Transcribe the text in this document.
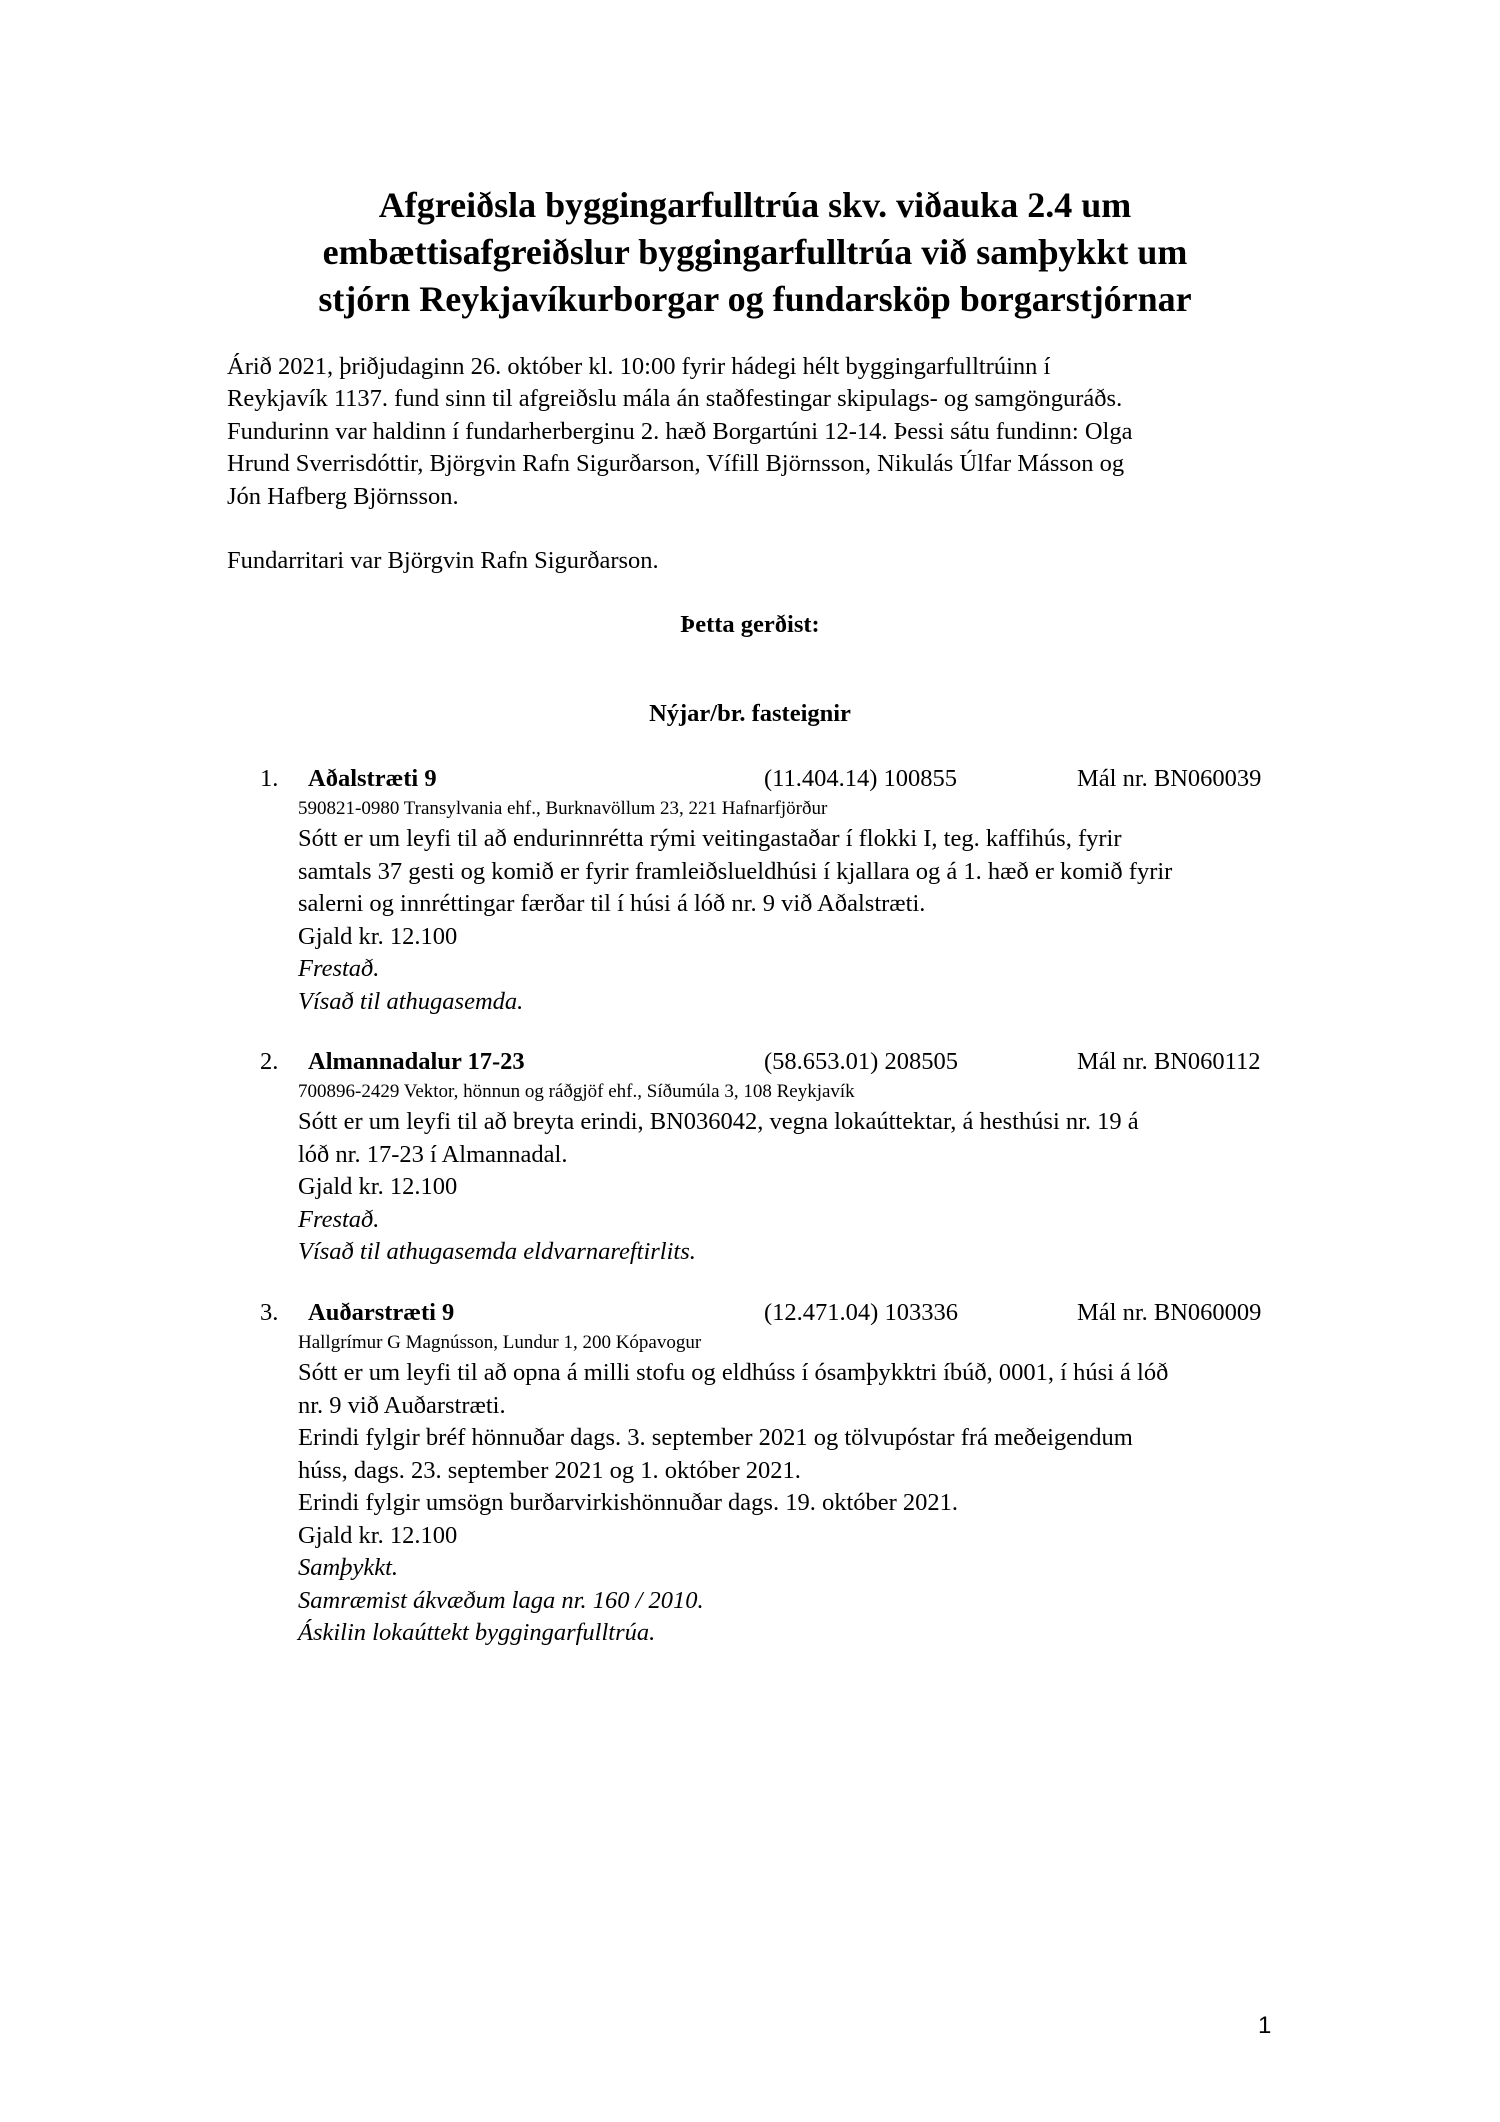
Afgreiðsla byggingarfulltrúa skv. viðauka 2.4 um
embættisafgreiðslur byggingarfulltrúa við samþykkt um
stjórn Reykjavíkurborgar og fundarsköp borgarstjórnar
Árið 2021, þriðjudaginn 26. október kl. 10:00 fyrir hádegi hélt byggingarfulltrúinn í
Reykjavík 1137. fund sinn til afgreiðslu mála án staðfestingar skipulags- og samgönguráðs.
Fundurinn var haldinn í fundarherberginu 2. hæð Borgartúni 12-14. Þessi sátu fundinn: Olga
Hrund Sverrisdóttir, Björgvin Rafn Sigurðarson, Vífill Björnsson, Nikulás Úlfar Másson og
Jón Hafberg Björnsson.
Fundarritari var Björgvin Rafn Sigurðarson.
Þetta gerðist:
Nýjar/br. fasteignir
1. Aðalstræti 9	(11.404.14) 100855	Mál nr. BN060039
590821-0980 Transylvania ehf., Burknavöllum 23, 221 Hafnarfjörður
Sótt er um leyfi til að endurinnrétta rými veitingastaðar í flokki I, teg. kaffihús, fyrir
samtals 37 gesti og komið er fyrir framleiðslueldhúsi í kjallara og á 1. hæð er komið fyrir
salerni og innréttingar færðar til í húsi á lóð nr. 9 við Aðalstræti.
Gjald kr. 12.100
Frestað.
Vísað til athugasemda.
2. Almannadalur 17-23	(58.653.01) 208505	Mál nr. BN060112
700896-2429 Vektor, hönnun og ráðgjöf ehf., Síðumúla 3, 108 Reykjavík
Sótt er um leyfi til að breyta erindi, BN036042, vegna lokaúttektar, á hesthúsi nr. 19 á
lóð nr. 17-23 í Almannadal.
Gjald kr. 12.100
Frestað.
Vísað til athugasemda eldvarnareftirlits.
3. Auðarstræti 9	(12.471.04) 103336	Mál nr. BN060009
Hallgrímur G Magnússon, Lundur 1, 200 Kópavogur
Sótt er um leyfi til að opna á milli stofu og eldhúss í ósamþykktri íbúð, 0001, í húsi á lóð
nr. 9 við Auðarstræti.
Erindi fylgir bréf hönnuðar dags. 3. september 2021 og tölvupóstar frá meðeigendum
húss, dags. 23. september 2021 og 1. október 2021.
Erindi fylgir umsögn burðarvirkishönnuðar dags. 19. október 2021.
Gjald kr. 12.100
Samþykkt.
Samræmist ákvæðum laga nr. 160 / 2010.
Áskilin lokaúttekt byggingarfulltrúa.
1
